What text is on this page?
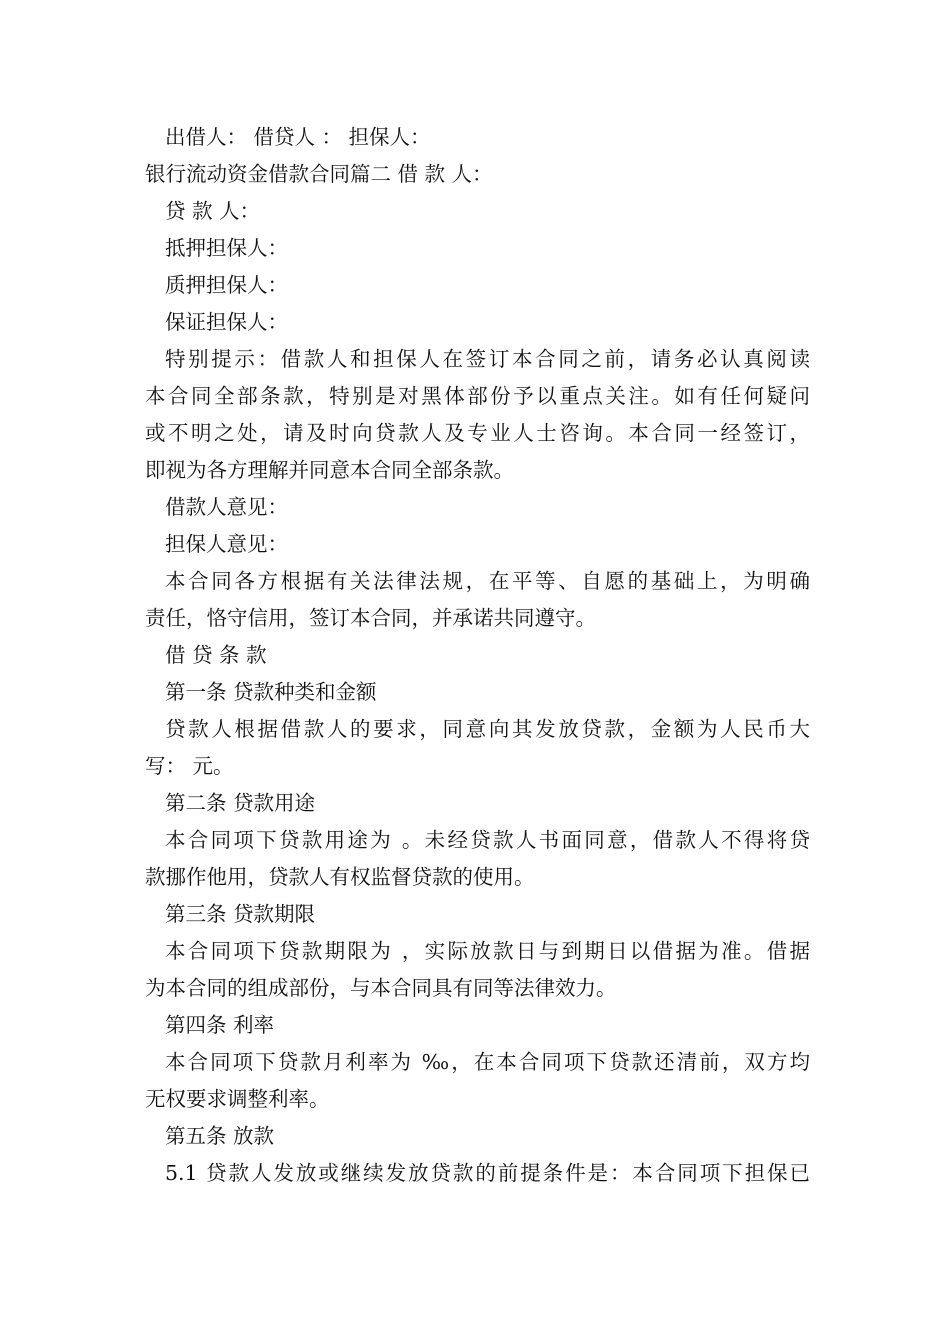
出借人： 借贷人 ： 担保人：
银行流动资金借款合同篇二 借 款 人：
贷 款 人：
抵押担保人：
质押担保人：
保证担保人：
特别提示：借款人和担保人在签订本合同之前，请务必认真阅读
本合同全部条款，特别是对黑体部份予以重点关注。如有任何疑问
或不明之处，请及时向贷款人及专业人士咨询。本合同一经签订，
即视为各方理解并同意本合同全部条款。
借款人意见：
担保人意见：
本合同各方根据有关法律法规，在平等、自愿的基础上，为明确
责任，恪守信用，签订本合同，并承诺共同遵守。
借 贷 条 款
第一条 贷款种类和金额
贷款人根据借款人的要求，同意向其发放贷款，金额为人民币大
写： 元。
第二条 贷款用途
本合同项下贷款用途为 。未经贷款人书面同意，借款人不得将贷
款挪作他用，贷款人有权监督贷款的使用。
第三条 贷款期限
本合同项下贷款期限为 ，实际放款日与到期日以借据为准。借据
为本合同的组成部份，与本合同具有同等法律效力。
第四条 利率
本合同项下贷款月利率为 ‰，在本合同项下贷款还清前，双方均
无权要求调整利率。
第五条 放款
5.1 贷款人发放或继续发放贷款的前提条件是：本合同项下担保已
